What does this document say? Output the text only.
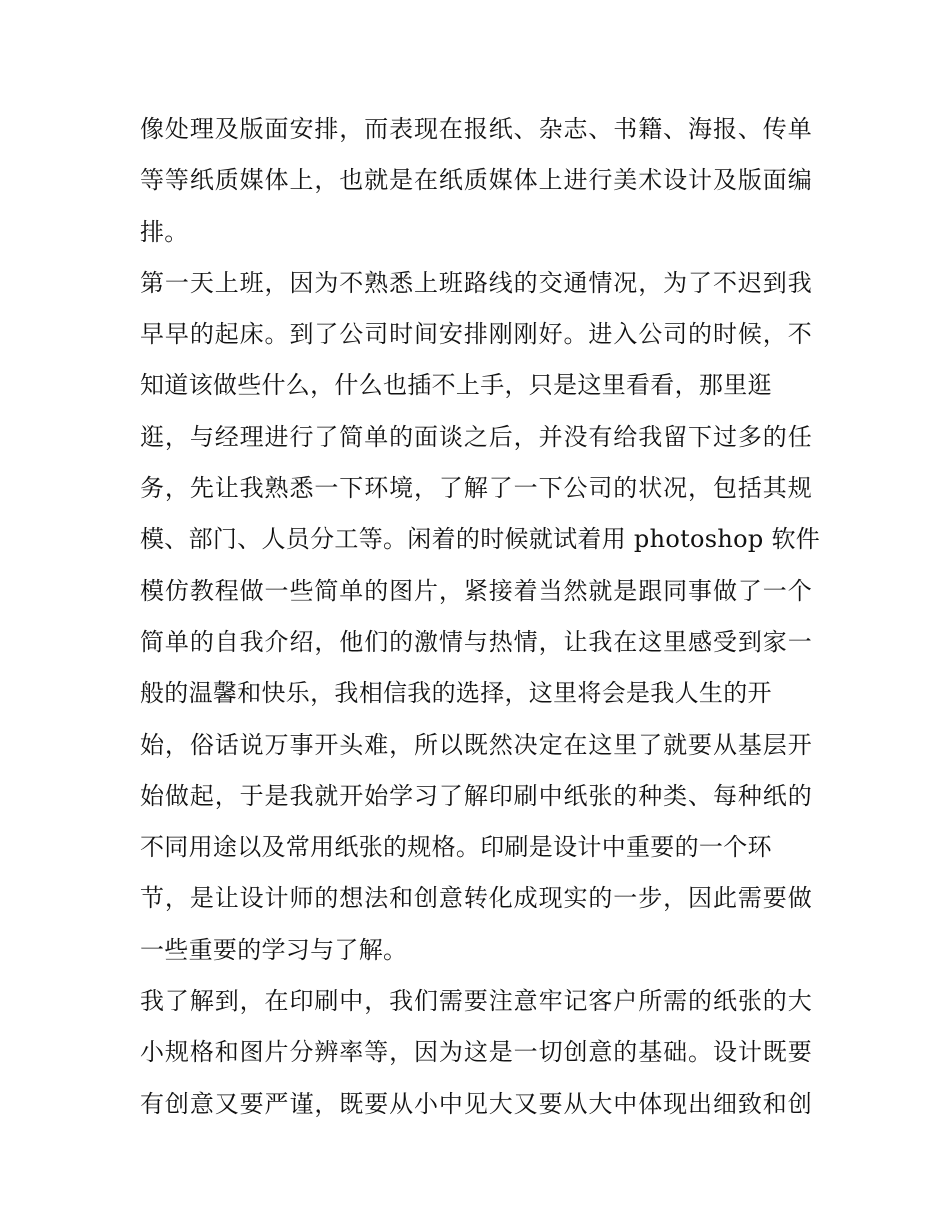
像处理及版面安排，而表现在报纸、杂志、书籍、海报、传单
等等纸质媒体上，也就是在纸质媒体上进行美术设计及版面编
排。
第一天上班，因为不熟悉上班路线的交通情况，为了不迟到我
早早的起床。到了公司时间安排刚刚好。进入公司的时候，不
知道该做些什么，什么也插不上手，只是这里看看，那里逛
逛，与经理进行了简单的面谈之后，并没有给我留下过多的任
务，先让我熟悉一下环境，了解了一下公司的状况，包括其规
模、部门、人员分工等。闲着的时候就试着用 photoshop 软件
模仿教程做一些简单的图片，紧接着当然就是跟同事做了一个
简单的自我介绍，他们的激情与热情，让我在这里感受到家一
般的温馨和快乐，我相信我的选择，这里将会是我人生的开
始，俗话说万事开头难，所以既然决定在这里了就要从基层开
始做起，于是我就开始学习了解印刷中纸张的种类、每种纸的
不同用途以及常用纸张的规格。印刷是设计中重要的一个环
节，是让设计师的想法和创意转化成现实的一步，因此需要做
一些重要的学习与了解。
我了解到，在印刷中，我们需要注意牢记客户所需的纸张的大
小规格和图片分辨率等，因为这是一切创意的基础。设计既要
有创意又要严谨，既要从小中见大又要从大中体现出细致和创
